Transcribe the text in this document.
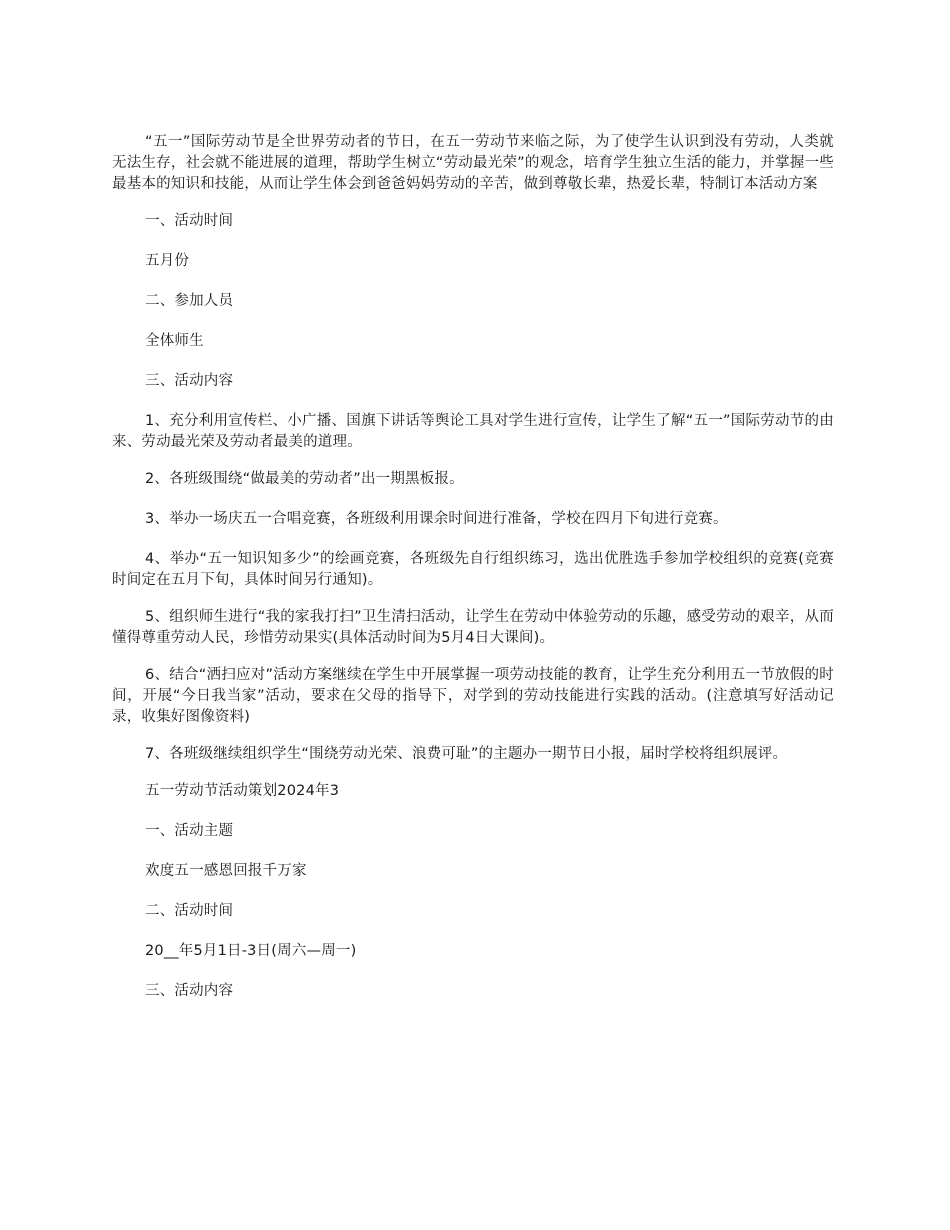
“五一”国际劳动节是全世界劳动者的节日，在五一劳动节来临之际，为了使学生认识到没有劳动，人类就无法生存，社会就不能进展的道理，帮助学生树立“劳动最光荣”的观念，培育学生独立生活的能力，并掌握一些最基本的知识和技能，从而让学生体会到爸爸妈妈劳动的辛苦，做到尊敬长辈，热爱长辈，特制订本活动方案

一、活动时间

五月份

二、参加人员

全体师生

三、活动内容

1、充分利用宣传栏、小广播、国旗下讲话等舆论工具对学生进行宣传，让学生了解“五一”国际劳动节的由来、劳动最光荣及劳动者最美的道理。

2、各班级围绕“做最美的劳动者”出一期黑板报。

3、举办一场庆五一合唱竞赛，各班级利用课余时间进行准备，学校在四月下旬进行竞赛。

4、举办“五一知识知多少”的绘画竞赛，各班级先自行组织练习，选出优胜选手参加学校组织的竞赛(竞赛时间定在五月下旬，具体时间另行通知)。

5、组织师生进行“我的家我打扫”卫生清扫活动，让学生在劳动中体验劳动的乐趣，感受劳动的艰辛，从而懂得尊重劳动人民，珍惜劳动果实(具体活动时间为5月4日大课间)。

6、结合“洒扫应对”活动方案继续在学生中开展掌握一项劳动技能的教育，让学生充分利用五一节放假的时间，开展“今日我当家”活动，要求在父母的指导下，对学到的劳动技能进行实践的活动。(注意填写好活动记录，收集好图像资料)

7、各班级继续组织学生“围绕劳动光荣、浪费可耻”的主题办一期节日小报，届时学校将组织展评。

五一劳动节活动策划2024年3

一、活动主题

欢度五一感恩回报千万家

二、活动时间

20__年5月1日-3日(周六—周一)

三、活动内容
